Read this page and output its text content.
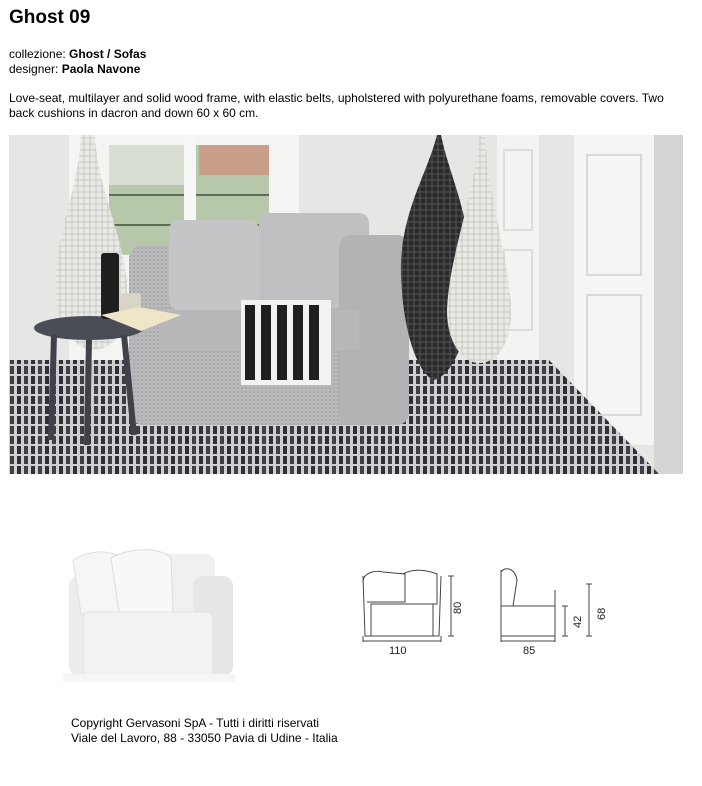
Ghost 09
collezione: Ghost / Sofas
designer: Paola Navone
Love-seat, multilayer and solid wood frame, with elastic belts, upholstered with polyurethane foams, removable covers. Two back cushions in dacron and down 60 x 60 cm.
110
80
85
42
68
Copyright Gervasoni SpA - Tutti i diritti riservati
Viale del Lavoro, 88 - 33050 Pavia di Udine - Italia
